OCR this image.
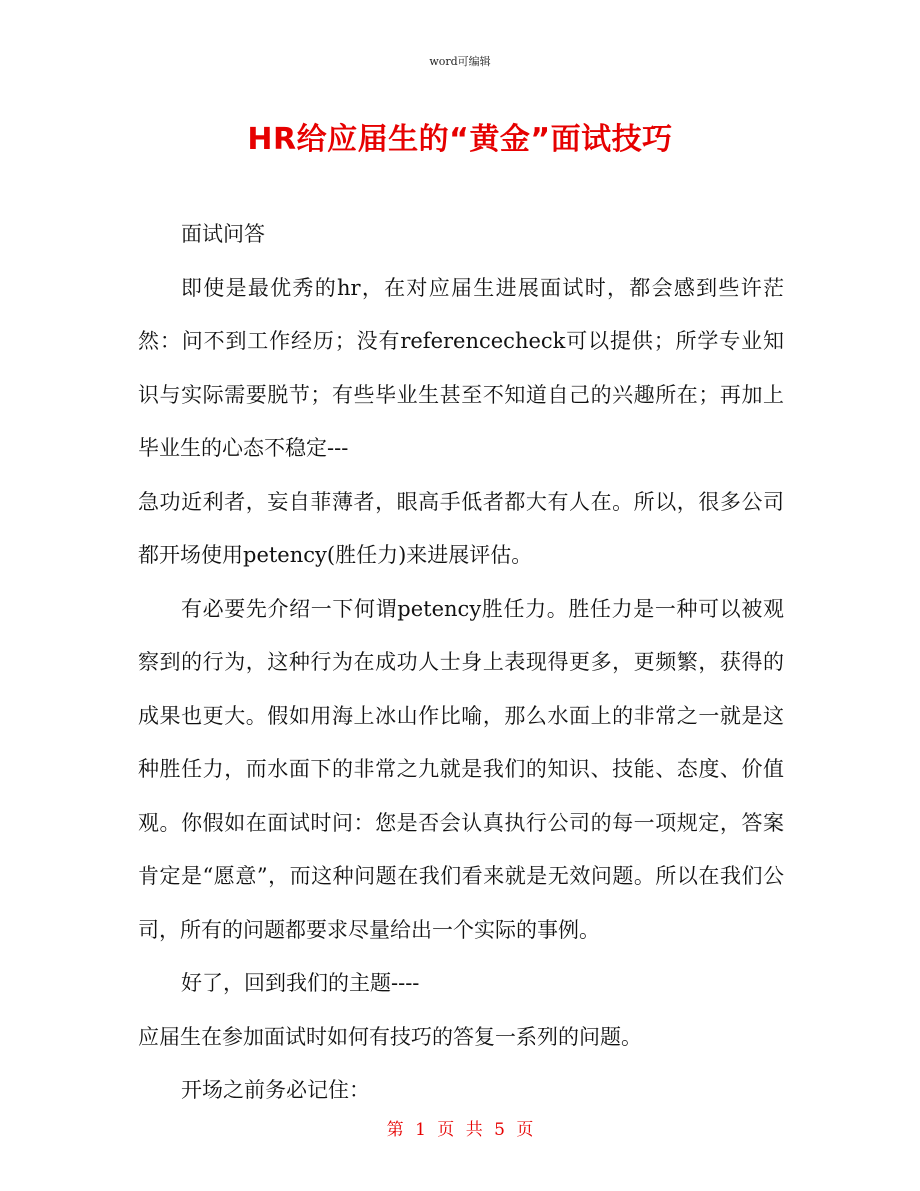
word可编辑
HR给应届生的“黄金”面试技巧

面试问答

即使是最优秀的hr，在对应届生进展面试时，都会感到些许茫然：问不到工作经历；没有referencecheck可以提供；所学专业知识与实际需要脱节；有些毕业生甚至不知道自己的兴趣所在；再加上毕业生的心态不稳定---

急功近利者，妄自菲薄者，眼高手低者都大有人在。所以，很多公司都开场使用petency(胜任力)来进展评估。

有必要先介绍一下何谓petency胜任力。胜任力是一种可以被观察到的行为，这种行为在成功人士身上表现得更多，更频繁，获得的成果也更大。假如用海上冰山作比喻，那么水面上的非常之一就是这种胜任力，而水面下的非常之九就是我们的知识、技能、态度、价值观。你假如在面试时问：您是否会认真执行公司的每一项规定，答案肯定是“愿意”，而这种问题在我们看来就是无效问题。所以在我们公司，所有的问题都要求尽量给出一个实际的事例。

好了，回到我们的主题----

应届生在参加面试时如何有技巧的答复一系列的问题。

开场之前务必记住：

第 1 页 共 5 页
